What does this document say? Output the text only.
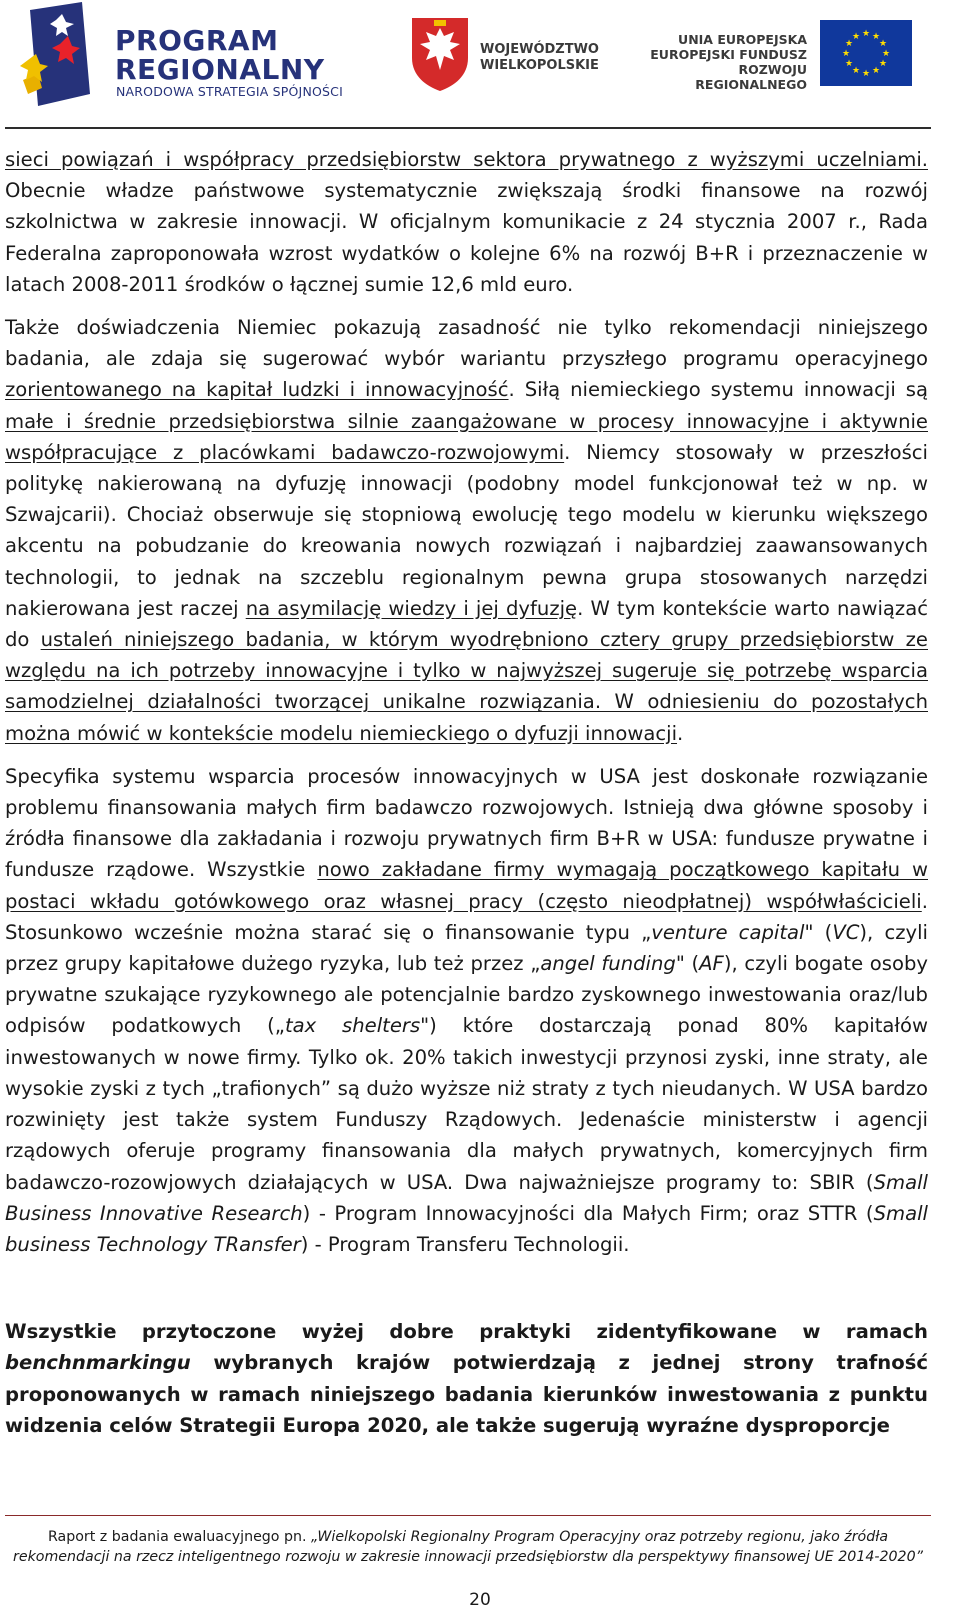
PROGRAM
REGIONALNY
NARODOWA STRATEGIA SPÓJNOŚCI
WOJEWÓDZTWO
WIELKOPOLSKIE
UNIA EUROPEJSKA
EUROPEJSKI FUNDUSZ
ROZWOJU REGIONALNEGO
★ ★
★
★
★
★
★
★
★
★
★
★

sieci powiązań i współpracy przedsiębiorstw sektora prywatnego z wyższymi uczelniami. Obecnie władze państwowe systematycznie zwiększają środki finansowe na rozwój szkolnictwa w zakresie innowacji. W oficjalnym komunikacie z 24 stycznia 2007 r., Rada Federalna zaproponowała wzrost wydatków o kolejne 6% na rozwój B+R i przeznaczenie w latach 2008-2011 środków o łącznej sumie 12,6 mld euro.

Także doświadczenia Niemiec pokazują zasadność nie tylko rekomendacji niniejszego badania, ale zdaja się sugerować wybór wariantu przyszłego programu operacyjnego zorientowanego na kapitał ludzki i innowacyjność. Siłą niemieckiego systemu innowacji są małe i średnie przedsiębiorstwa silnie zaangażowane w procesy innowacyjne i aktywnie współpracujące z placówkami badawczo-rozwojowymi. Niemcy stosowały w przeszłości politykę nakierowaną na dyfuzję innowacji (podobny model funkcjonował też w np. w Szwajcarii). Chociaż obserwuje się stopniową ewolucję tego modelu w kierunku większego akcentu na pobudzanie do kreowania nowych rozwiązań i najbardziej zaawansowanych technologii, to jednak na szczeblu regionalnym pewna grupa stosowanych narzędzi nakierowana jest raczej na asymilację wiedzy i jej dyfuzję. W tym kontekście warto nawiązać do ustaleń niniejszego badania, w którym wyodrębniono cztery grupy przedsiębiorstw ze względu na ich potrzeby innowacyjne i tylko w najwyższej sugeruje się potrzebę wsparcia samodzielnej działalności tworzącej unikalne rozwiązania. W odniesieniu do pozostałych można mówić w kontekście modelu niemieckiego o dyfuzji innowacji.

Specyfika systemu wsparcia procesów innowacyjnych w USA jest doskonałe rozwiązanie problemu finansowania małych firm badawczo rozwojowych. Istnieją dwa główne sposoby i źródła finansowe dla zakładania i rozwoju prywatnych firm B+R w USA: fundusze prywatne i fundusze rządowe. Wszystkie nowo zakładane firmy wymagają początkowego kapitału w postaci wkładu gotówkowego oraz własnej pracy (często nieodpłatnej) współwłaścicieli. Stosunkowo wcześnie można starać się o finansowanie typu „venture capital" (VC), czyli przez grupy kapitałowe dużego ryzyka, lub też przez „angel funding" (AF), czyli bogate osoby prywatne szukające ryzykownego ale potencjalnie bardzo zyskownego inwestowania oraz/lub odpisów podatkowych („tax shelters") które dostarczają ponad 80% kapitałów inwestowanych w nowe firmy. Tylko ok. 20% takich inwestycji przynosi zyski, inne straty, ale wysokie zyski z tych „trafionych” są dużo wyższe niż straty z tych nieudanych. W USA bardzo rozwinięty jest także system Funduszy Rządowych. Jedenaście ministerstw i agencji rządowych oferuje programy finansowania dla małych prywatnych, komercyjnych firm badawczo-rozowjowych działających w USA. Dwa najważniejsze programy to: SBIR (Small Business Innovative Research) - Program Innowacyjności dla Małych Firm; oraz STTR (Small business Technology TRansfer) - Program Transferu Technologii.

Wszystkie przytoczone wyżej dobre praktyki zidentyfikowane w ramach benchnmarkingu wybranych krajów potwierdzają z jednej strony trafność proponowanych w ramach niniejszego badania kierunków inwestowania z punktu widzenia celów Strategii Europa 2020, ale także sugerują wyraźne dysproporcje

Raport z badania ewaluacyjnego pn. „Wielkopolski Regionalny Program Operacyjny oraz potrzeby regionu, jako źródła rekomendacji na rzecz inteligentnego rozwoju w zakresie innowacji przedsiębiorstw dla perspektywy finansowej UE 2014-2020”
20
